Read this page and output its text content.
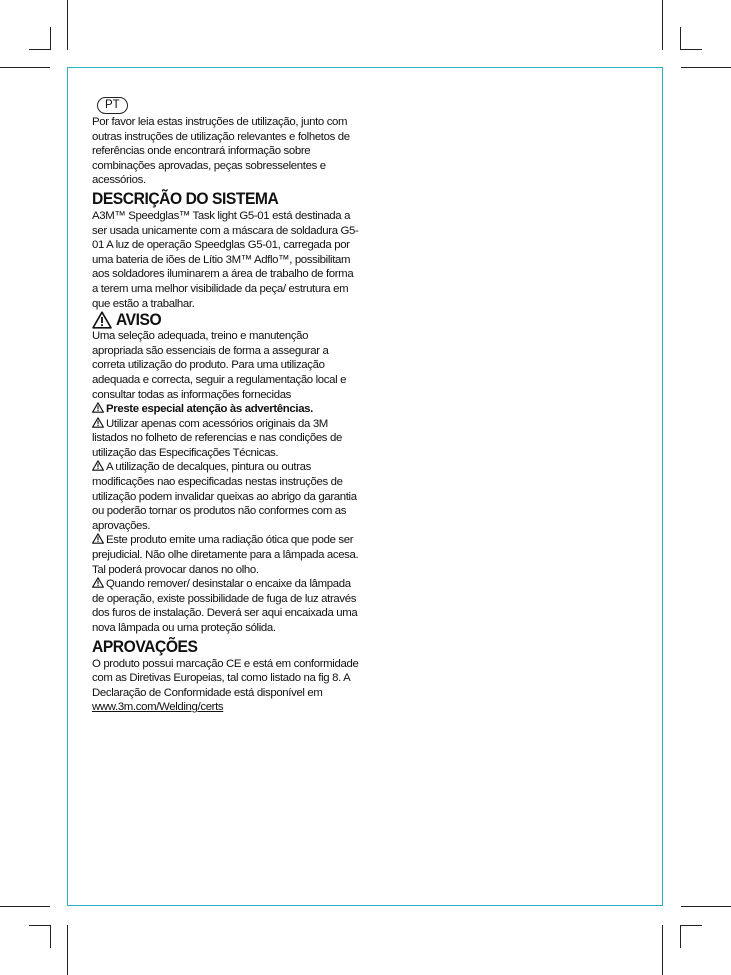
PT

Por favor leia estas instruções de utilização, junto com outras instruções de utilização relevantes e folhetos de referências onde encontrará informação sobre combinações aprovadas, peças sobresselentes e acessórios.

DESCRIÇÃO DO SISTEMA

A3M™ Speedglas™ Task light G5-01 está destinada a ser usada unicamente com a máscara de soldadura G5-01 A luz de operação Speedglas G5-01, carregada por uma bateria de iões de Lítio 3M™ Adflo™, possibilitam aos soldadores iluminarem a área de trabalho de forma a terem uma melhor visibilidade da peça/ estrutura em que estão a trabalhar.

AVISO

Uma seleção adequada, treino e manutenção apropriada são essenciais de forma a assegurar a correta utilização do produto. Para uma utilização adequada e correcta, seguir a regulamentação local e consultar todas as informações fornecidas

Preste especial atenção às advertências.

Utilizar apenas com acessórios originais da 3M listados no folheto de referencias e nas condições de utilização das Especificações Técnicas.

A utilização de decalques, pintura ou outras modificações nao especificadas nestas instruções de utilização podem invalidar queixas ao abrigo da garantia ou poderão tornar os produtos não conformes com as aprovações.

Este produto emite uma radiação ótica que pode ser prejudicial. Não olhe diretamente para a lâmpada acesa. Tal poderá provocar danos no olho.

Quando remover/ desinstalar o encaixe da lâmpada de operação, existe possibilidade de fuga de luz através dos furos de instalação. Deverá ser aqui encaixada uma nova lâmpada ou uma proteção sólida.

APROVAÇÕES

O produto possui marcação CE e está em conformidade com as Diretivas Europeias, tal como listado na fig 8. A Declaração de Conformidade está disponível em

www.3m.com/Welding/certs
